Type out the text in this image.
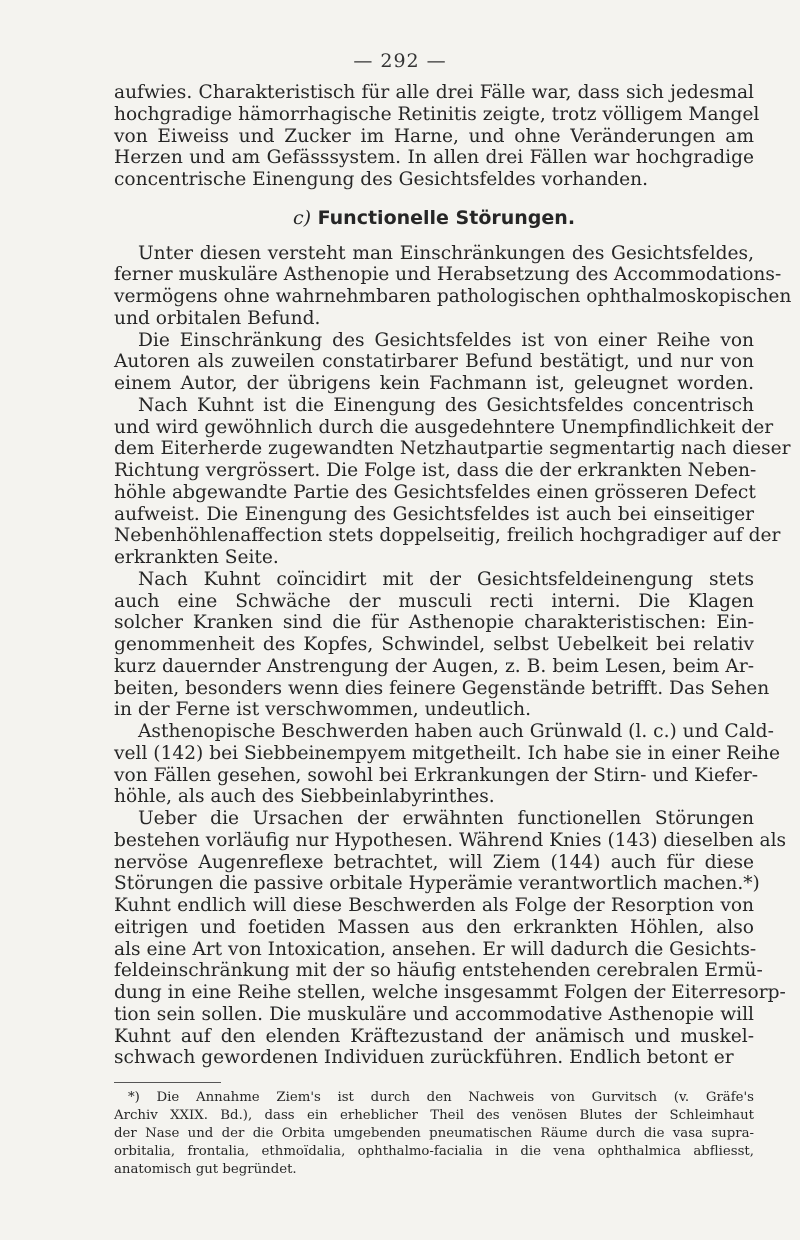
— 292 —
aufwies. Charakteristisch für alle drei Fälle war, dass sich jedesmal
hochgradige hämorrhagische Retinitis zeigte, trotz völligem Mangel
von Eiweiss und Zucker im Harne, und ohne Veränderungen am
Herzen und am Gefässsystem. In allen drei Fällen war hochgradige
concentrische Einengung des Gesichtsfeldes vorhanden.
c) Functionelle Störungen.
Unter diesen versteht man Einschränkungen des Gesichtsfeldes,
ferner muskuläre Asthenopie und Herabsetzung des Accommodations-
vermögens ohne wahrnehmbaren pathologischen ophthalmoskopischen
und orbitalen Befund.
Die Einschränkung des Gesichtsfeldes ist von einer Reihe von
Autoren als zuweilen constatirbarer Befund bestätigt, und nur von
einem Autor, der übrigens kein Fachmann ist, geleugnet worden.
Nach Kuhnt ist die Einengung des Gesichtsfeldes concentrisch
und wird gewöhnlich durch die ausgedehntere Unempfindlichkeit der
dem Eiterherde zugewandten Netzhautpartie segmentartig nach dieser
Richtung vergrössert. Die Folge ist, dass die der erkrankten Neben-
höhle abgewandte Partie des Gesichtsfeldes einen grösseren Defect
aufweist. Die Einengung des Gesichtsfeldes ist auch bei einseitiger
Nebenhöhlenaffection stets doppelseitig, freilich hochgradiger auf der
erkrankten Seite.
Nach Kuhnt coïncidirt mit der Gesichtsfeldeinengung stets
auch eine Schwäche der musculi recti interni. Die Klagen
solcher Kranken sind die für Asthenopie charakteristischen: Ein-
genommenheit des Kopfes, Schwindel, selbst Uebelkeit bei relativ
kurz dauernder Anstrengung der Augen, z. B. beim Lesen, beim Ar-
beiten, besonders wenn dies feinere Gegenstände betrifft. Das Sehen
in der Ferne ist verschwommen, undeutlich.
Asthenopische Beschwerden haben auch Grünwald (l. c.) und Cald-
vell (142) bei Siebbeinempyem mitgetheilt. Ich habe sie in einer Reihe
von Fällen gesehen, sowohl bei Erkrankungen der Stirn- und Kiefer-
höhle, als auch des Siebbeinlabyrinthes.
Ueber die Ursachen der erwähnten functionellen Störungen
bestehen vorläufig nur Hypothesen. Während Knies (143) dieselben als
nervöse Augenreflexe betrachtet, will Ziem (144) auch für diese
Störungen die passive orbitale Hyperämie verantwortlich machen.*)
Kuhnt endlich will diese Beschwerden als Folge der Resorption von
eitrigen und foetiden Massen aus den erkrankten Höhlen, also
als eine Art von Intoxication, ansehen. Er will dadurch die Gesichts-
feldeinschränkung mit der so häufig entstehenden cerebralen Ermü-
dung in eine Reihe stellen, welche insgesammt Folgen der Eiterresorp-
tion sein sollen. Die muskuläre und accommodative Asthenopie will
Kuhnt auf den elenden Kräftezustand der anämisch und muskel-
schwach gewordenen Individuen zurückführen. Endlich betont er
*) Die Annahme Ziem's ist durch den Nachweis von Gurvitsch (v. Gräfe's
Archiv XXIX. Bd.), dass ein erheblicher Theil des venösen Blutes der Schleimhaut
der Nase und der die Orbita umgebenden pneumatischen Räume durch die vasa supra-
orbitalia, frontalia, ethmoïdalia, ophthalmo-facialia in die vena ophthalmica abfliesst,
anatomisch gut begründet.
